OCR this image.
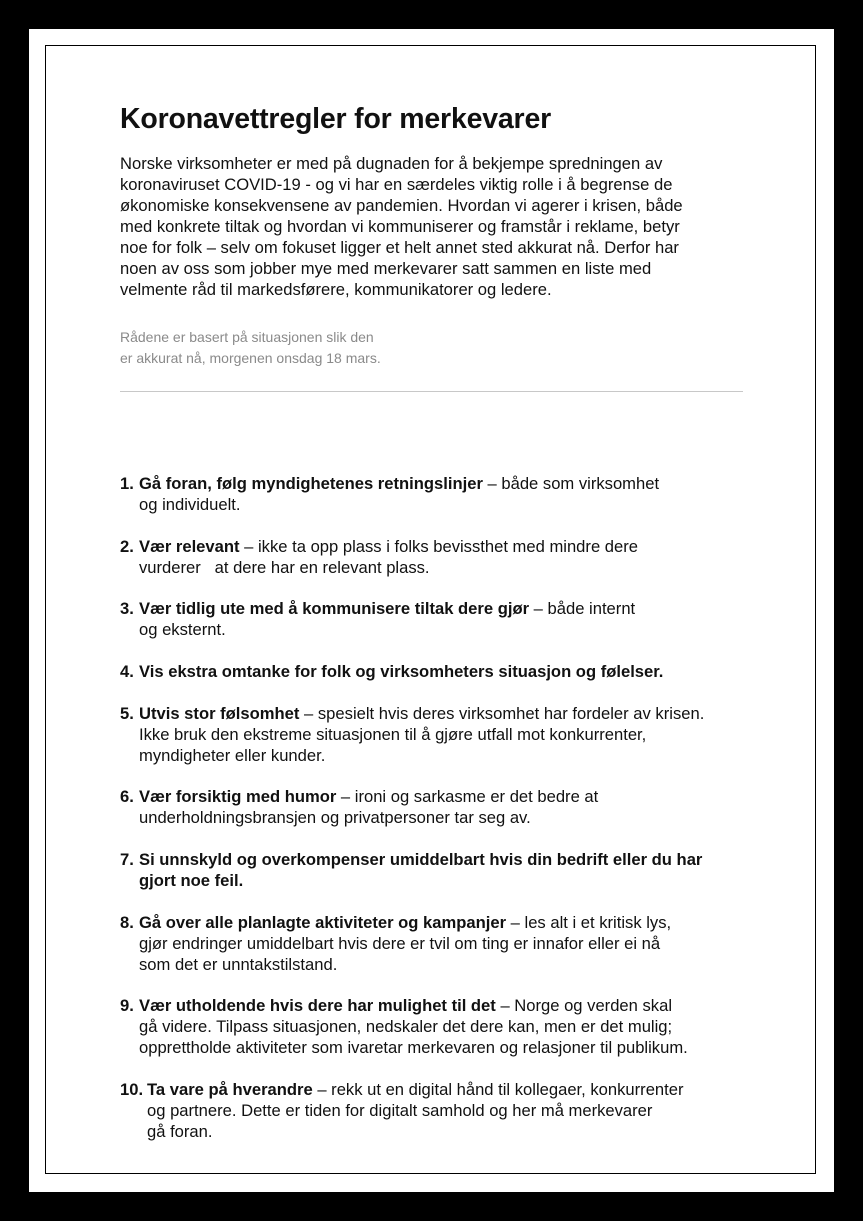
Koronavettregler for merkevarer

Norske virksomheter er med på dugnaden for å bekjempe spredningen av
koronaviruset COVID-19 - og vi har en særdeles viktig rolle i å begrense de
økonomiske konsekvensene av pandemien. Hvordan vi agerer i krisen, både
med konkrete tiltak og hvordan vi kommuniserer og framstår i reklame, betyr
noe for folk – selv om fokuset ligger et helt annet sted akkurat nå. Derfor har
noen av oss som jobber mye med merkevarer satt sammen en liste med
velmente råd til markedsførere, kommunikatorer og ledere.

Rådene er basert på situasjonen slik den
er akkurat nå, morgenen onsdag 18 mars.

1. Gå foran, følg myndighetenes retningslinjer – både som virksomhet
og individuelt.
2. Vær relevant – ikke ta opp plass i folks bevissthet med mindre dere
vurderer   at dere har en relevant plass.
3. Vær tidlig ute med å kommunisere tiltak dere gjør – både internt
og eksternt.
4. Vis ekstra omtanke for folk og virksomheters situasjon og følelser.
5. Utvis stor følsomhet – spesielt hvis deres virksomhet har fordeler av krisen.
Ikke bruk den ekstreme situasjonen til å gjøre utfall mot konkurrenter,
myndigheter eller kunder.
6. Vær forsiktig med humor – ironi og sarkasme er det bedre at
underholdningsbransjen og privatpersoner tar seg av.
7. Si unnskyld og overkompenser umiddelbart hvis din bedrift eller du har
gjort noe feil.
8. Gå over alle planlagte aktiviteter og kampanjer – les alt i et kritisk lys,
gjør endringer umiddelbart hvis dere er tvil om ting er innafor eller ei nå
som det er unntakstilstand.
9. Vær utholdende hvis dere har mulighet til det – Norge og verden skal
gå videre. Tilpass situasjonen, nedskaler det dere kan, men er det mulig;
opprettholde aktiviteter som ivaretar merkevaren og relasjoner til publikum.
10. Ta vare på hverandre – rekk ut en digital hånd til kollegaer, konkurrenter
og partnere. Dette er tiden for digitalt samhold og her må merkevarer
gå foran.
